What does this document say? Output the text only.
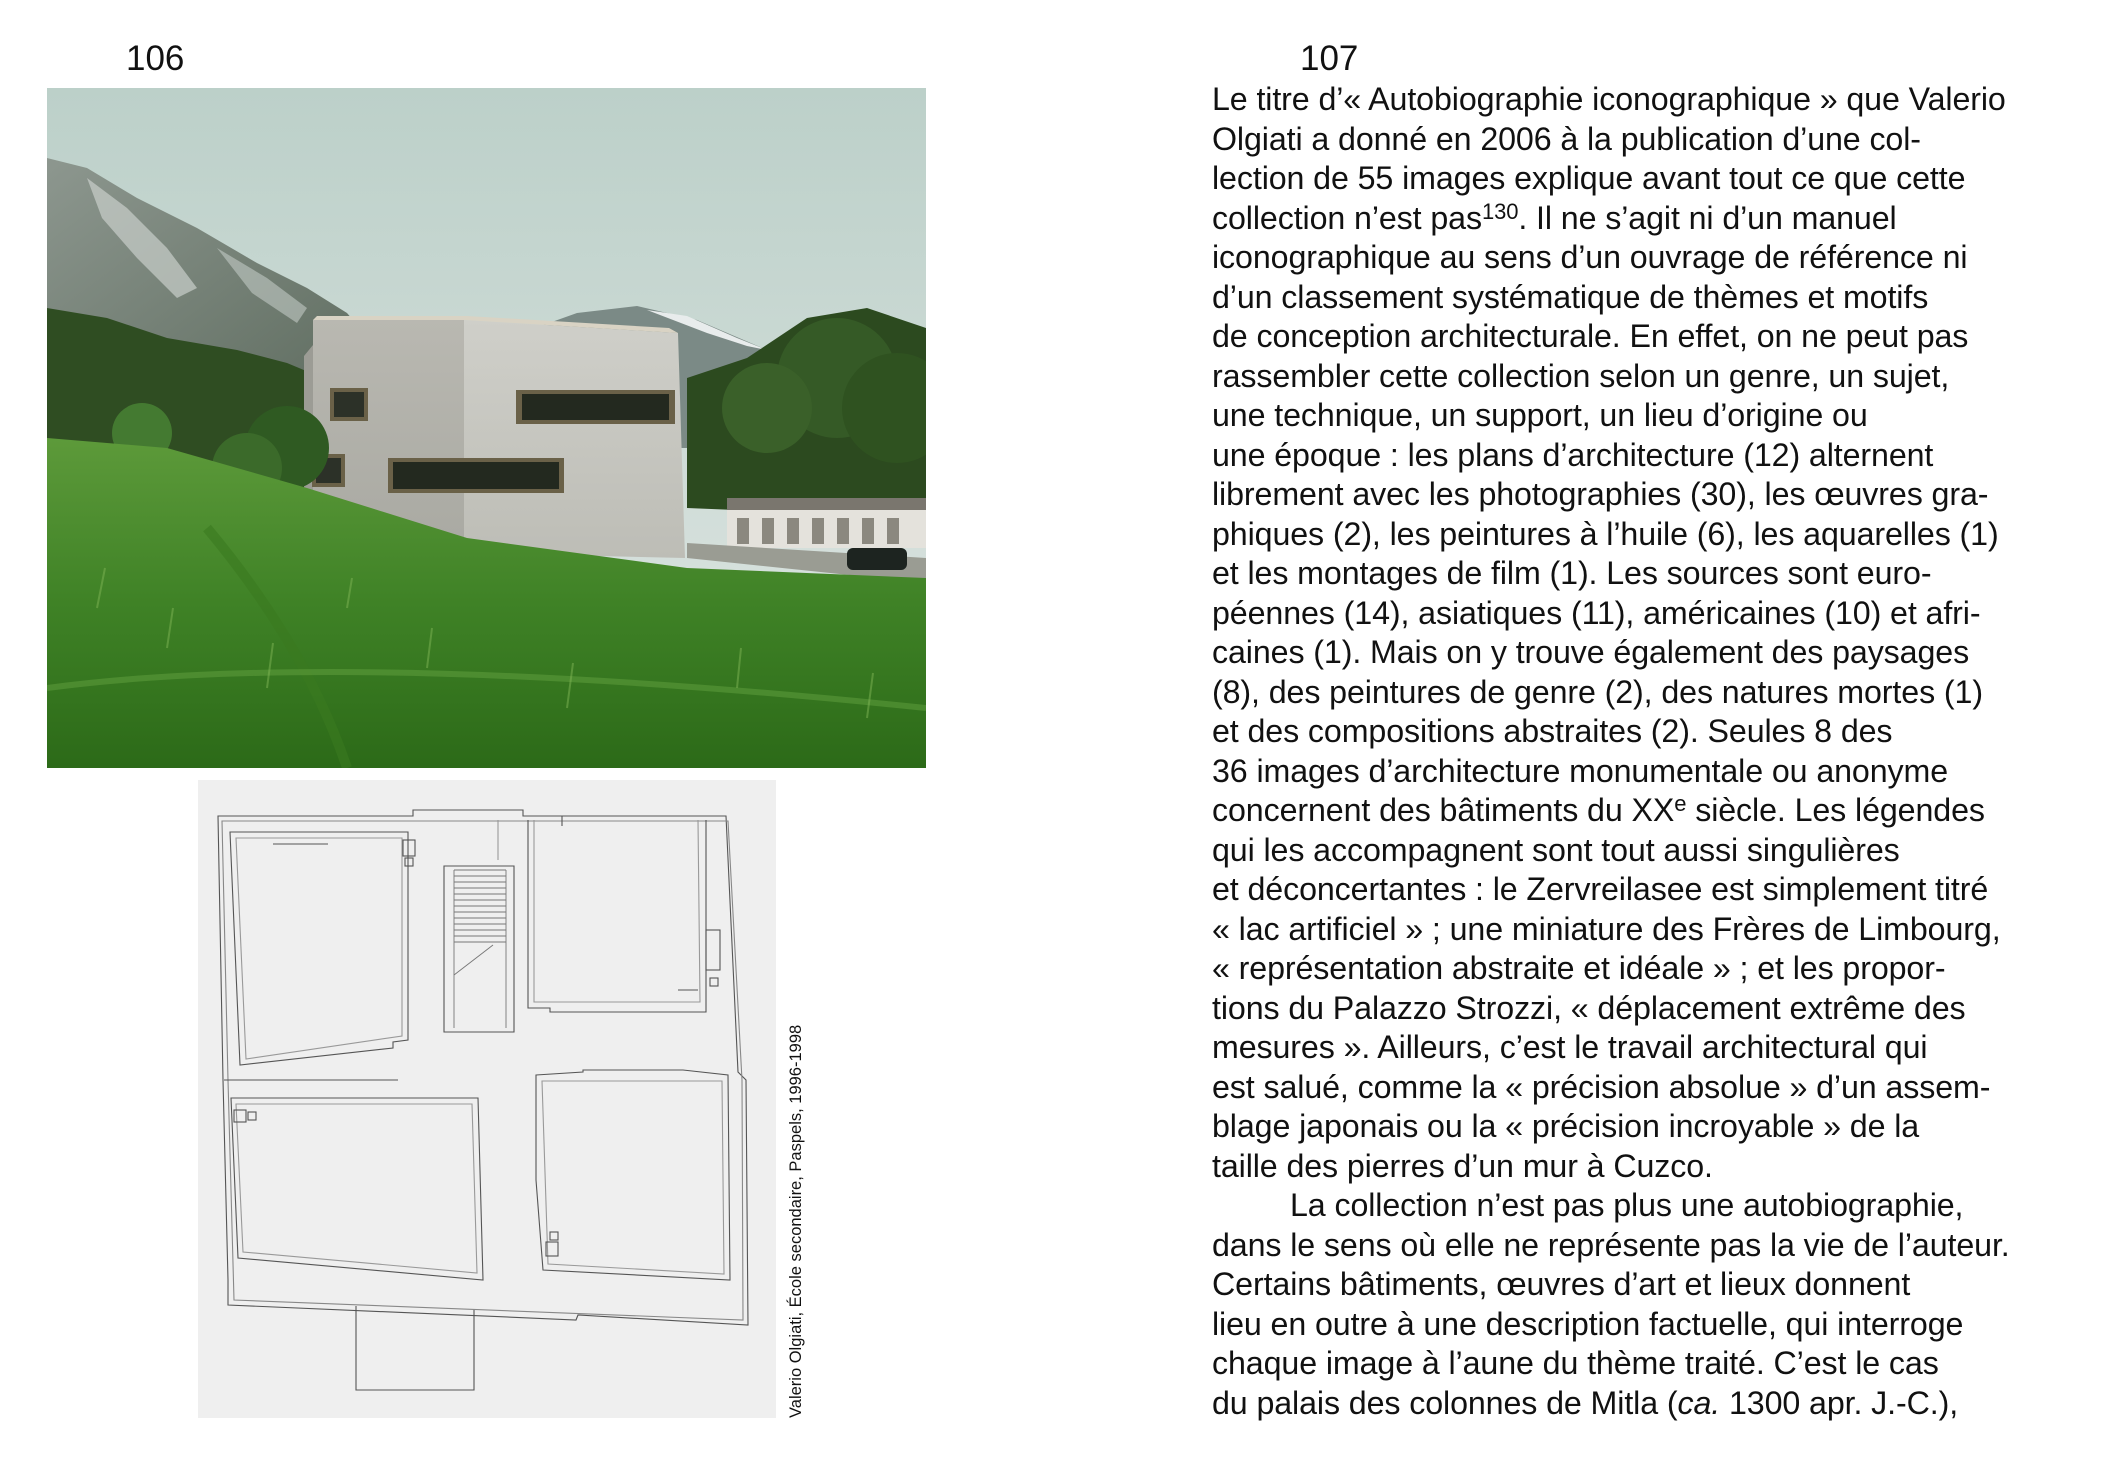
106	107
Valerio Olgiati, École secondaire, Paspels, 1996-1998
Le titre d’« Autobiographie iconographique » que Valerio
Olgiati a donné en 2006 à la publication d’une col-
lection de 55 images explique avant tout ce que cette
collection n’est pas$^{130}$. Il ne s’agit ni d’un manuel
iconographique au sens d’un ouvrage de référence ni
d’un classement systématique de thèmes et motifs
de conception architecturale. En effet, on ne peut pas
rassembler cette collection selon un genre, un sujet,
une technique, un support, un lieu d’origine ou
une époque : les plans d’architecture (12) alternent
librement avec les photographies (30), les œuvres gra-
phiques (2), les peintures à l’huile (6), les aquarelles (1)
et les montages de film (1). Les sources sont euro-
péennes (14), asiatiques (11), américaines (10) et afri-
caines (1). Mais on y trouve également des paysages
(8), des peintures de genre (2), des natures mortes (1)
et des compositions abstraites (2). Seules 8 des
36 images d’architecture monumentale ou anonyme
concernent des bâtiments du XXe siècle. Les légendes
qui les accompagnent sont tout aussi singulières
et déconcertantes : le Zervreilasee est simplement titré
« lac artificiel » ; une miniature des Frères de Limbourg,
« représentation abstraite et idéale » ; et les propor-
tions du Palazzo Strozzi, « déplacement extrême des
mesures ». Ailleurs, c’est le travail architectural qui
est salué, comme la « précision absolue » d’un assem-
blage japonais ou la « précision incroyable » de la
taille des pierres d’un mur à Cuzco.
La collection n’est pas plus une autobiographie,
dans le sens où elle ne représente pas la vie de l’auteur.
Certains bâtiments, œuvres d’art et lieux donnent
lieu en outre à une description factuelle, qui interroge
chaque image à l’aune du thème traité. C’est le cas
du palais des colonnes de Mitla (ca. 1300 apr. J.-C.),
